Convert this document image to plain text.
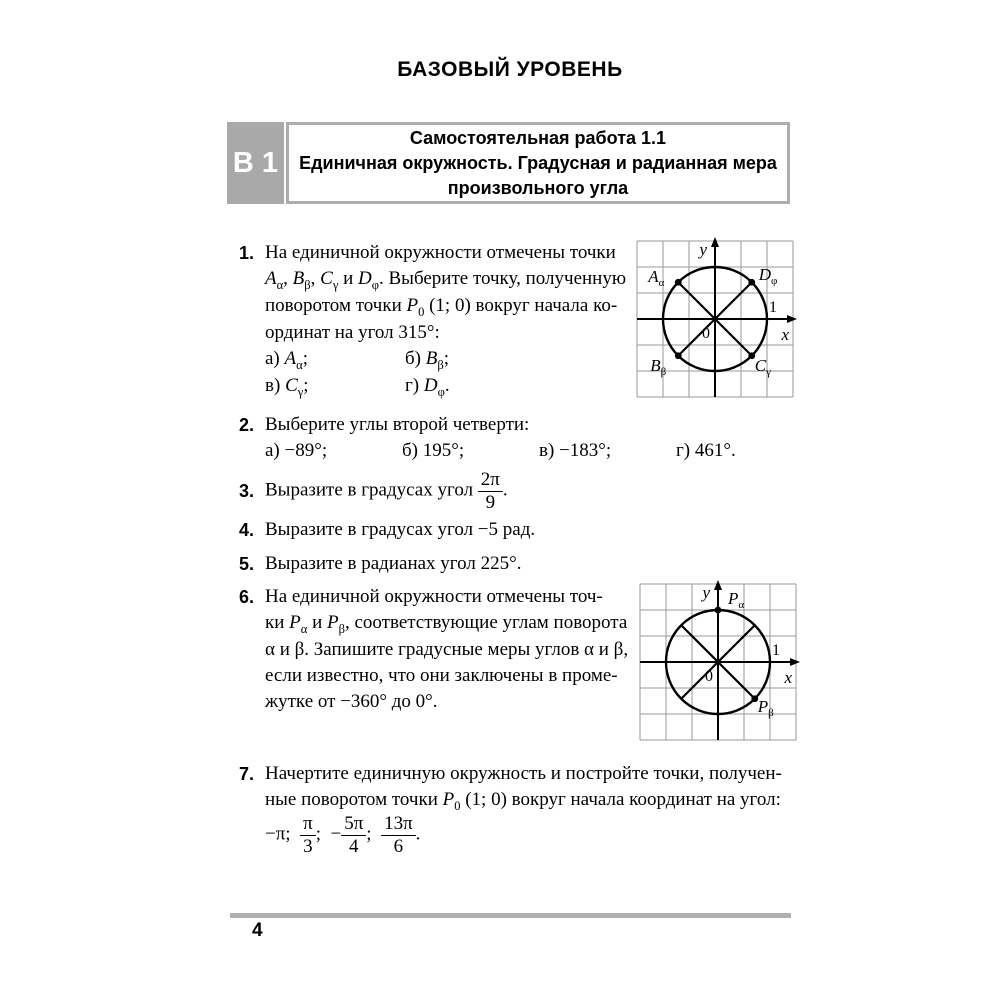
БАЗОВЫЙ УРОВЕНЬ
В 1
Самостоятельная работа 1.1
Единичная окружность. Градусная и радианная мера
произвольного угла
1. На единичной окружности отмечены точки
$A_\alpha$, $B_\beta$, $C_\gamma$ и $D_\varphi$. Выберите точку, полученную
поворотом точки $P_0$ (1; 0) вокруг начала ко-
ординат на угол 315°:
а) $A_\alpha$;	б) $B_\beta$;
в) $C_\gamma$;	г) $D_\varphi$.
2. Выберите углы второй четверти:
а) −89°;	б) 195°;	в) −183°;	г) 461°.
3. Выразите в градусах угол $\frac{2\pi}{9}$ .
4. Выразите в градусах угол −5 рад.
5. Выразите в радианах угол 225°.
6. На единичной окружности отмечены точ-
ки $P_\alpha$ и $P_\beta$, соответствующие углам поворота
α и β. Запишите градусные меры углов α и β,
если известно, что они заключены в проме-
жутке от −360° до 0°.
7. Начертите единичную окружность и постройте точки, получен-
ные поворотом точки $P_0$ (1; 0) вокруг начала координат на угол:
−π; $\frac{\pi}{3}$ ;  − $\frac{5\pi}{4}$ ; $\frac{13\pi}{6}$ .
y
x
0
1
$A_\alpha$	$D_\varphi$
$B_\beta$	$C_\gamma$
y
x
0
1
$P_\alpha$
$P_\beta$
4
